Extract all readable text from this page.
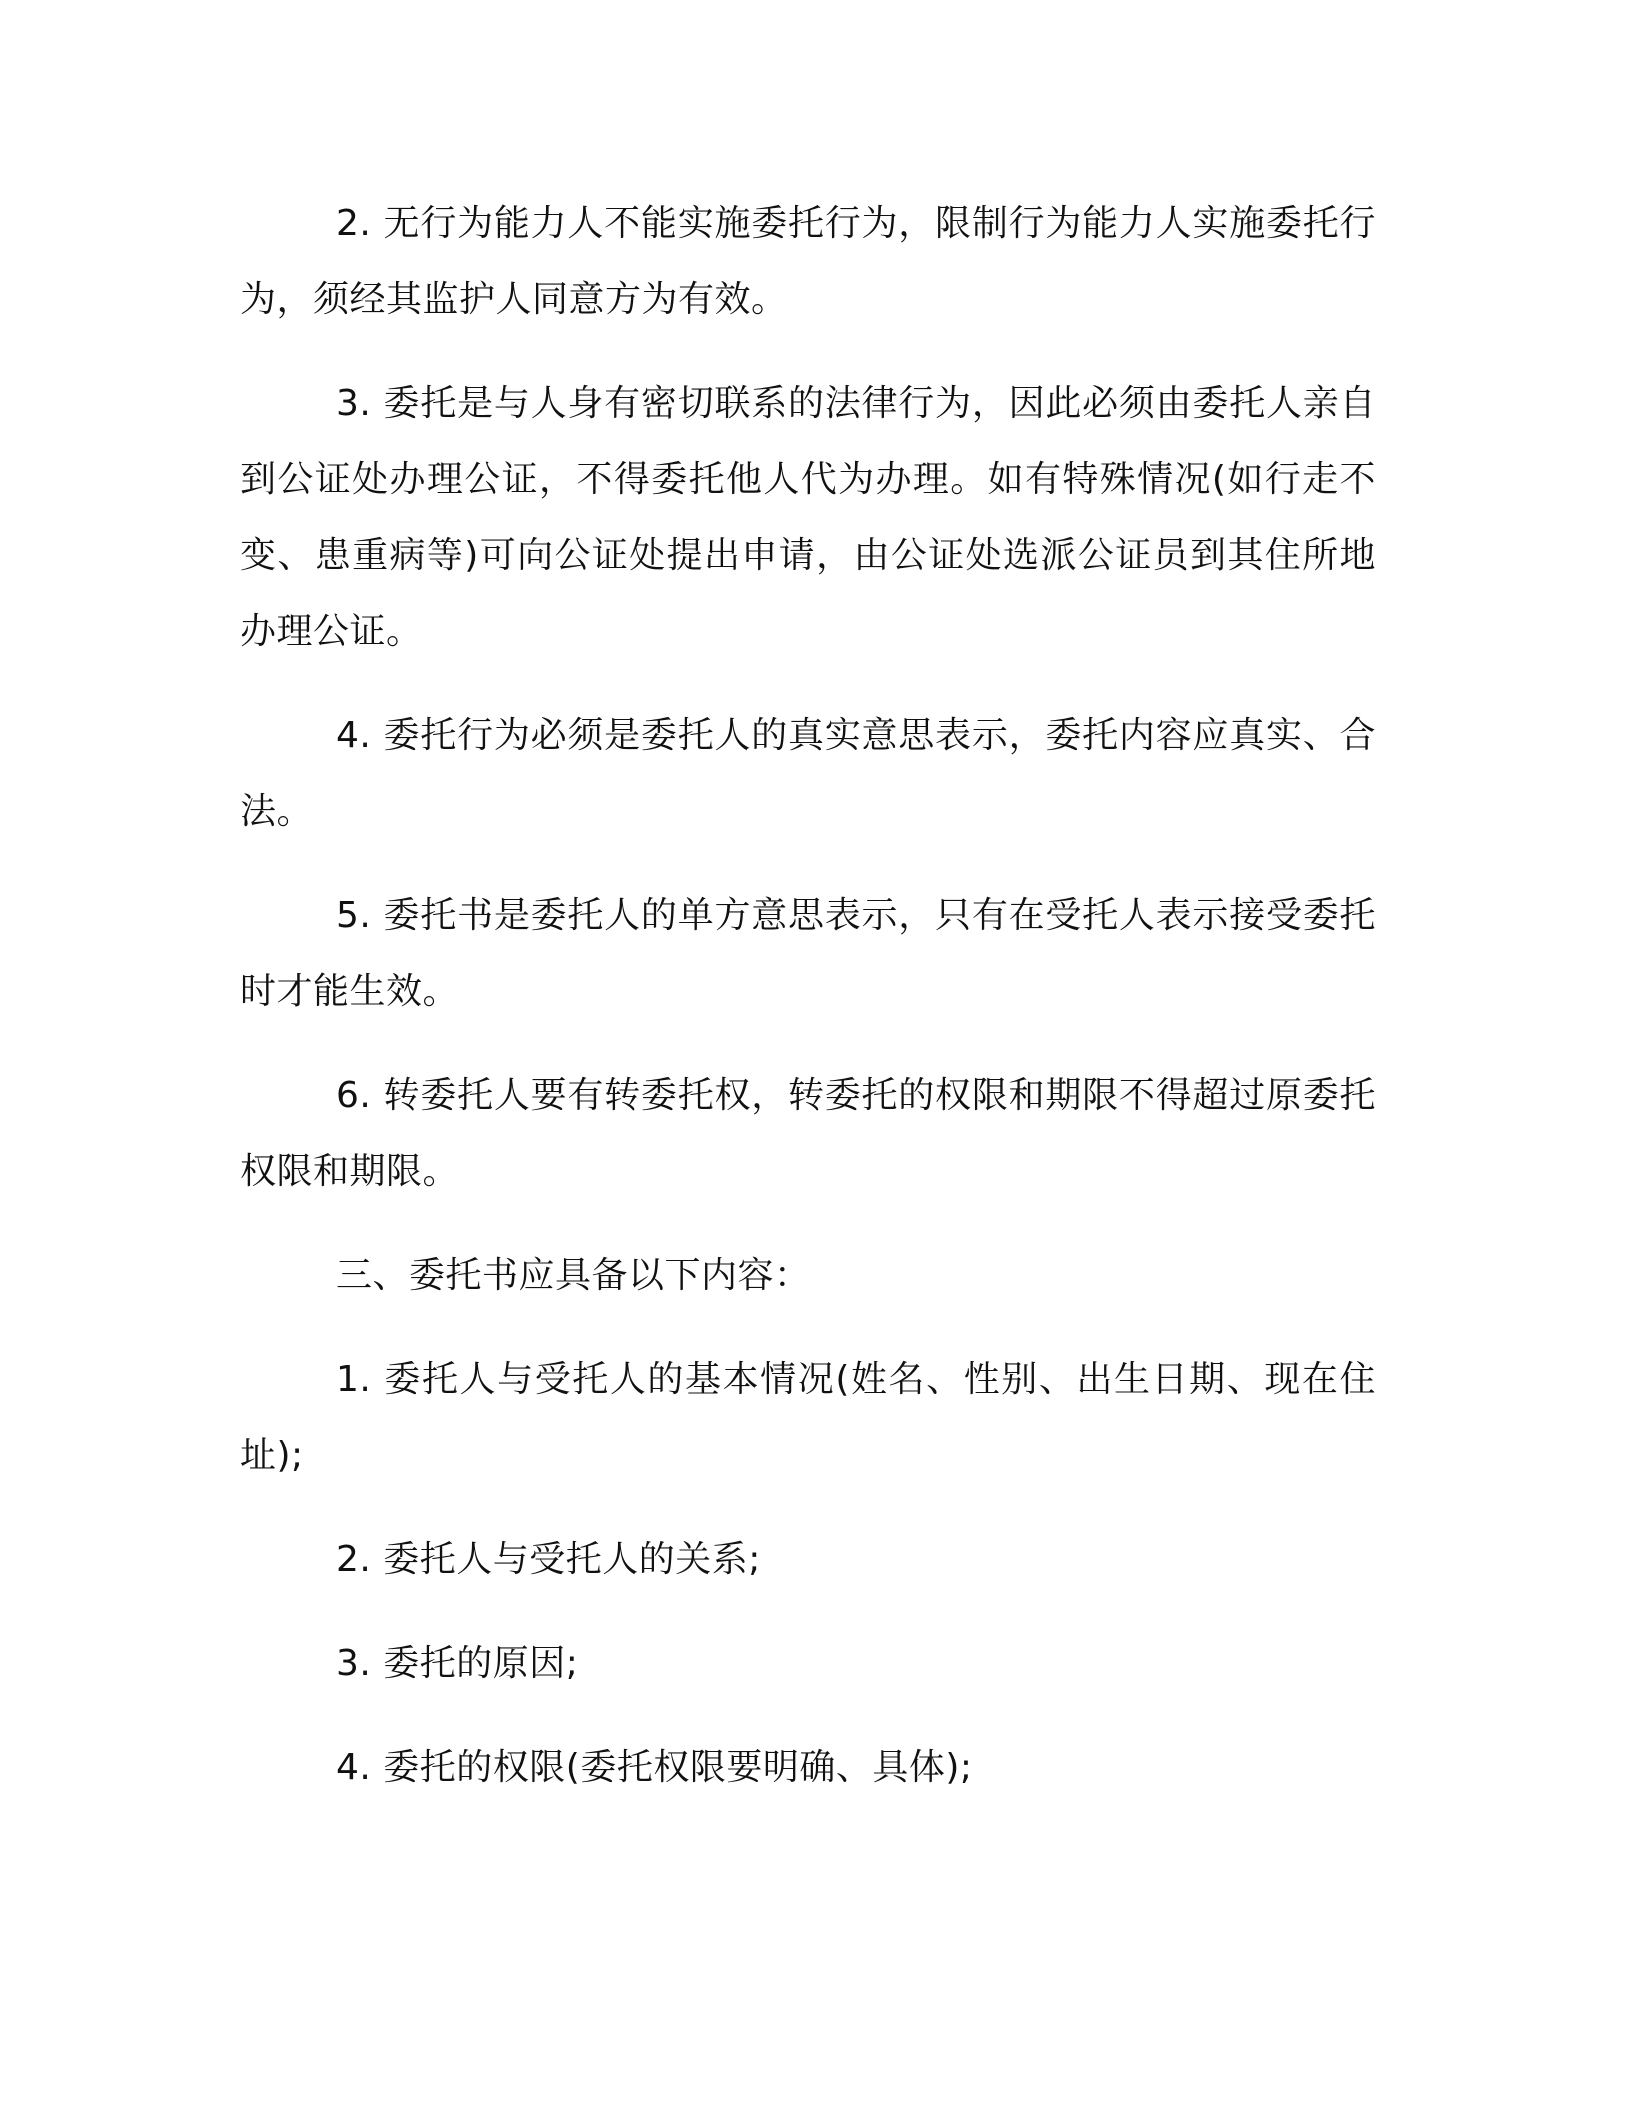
2. 无行为能力人不能实施委托行为，限制行为能力人实施委托行为，须经其监护人同意方为有效。

3. 委托是与人身有密切联系的法律行为，因此必须由委托人亲自到公证处办理公证，不得委托他人代为办理。如有特殊情况(如行走不变、患重病等)可向公证处提出申请，由公证处选派公证员到其住所地办理公证。

4. 委托行为必须是委托人的真实意思表示，委托内容应真实、合法。

5. 委托书是委托人的单方意思表示，只有在受托人表示接受委托时才能生效。

6. 转委托人要有转委托权，转委托的权限和期限不得超过原委托权限和期限。

三、委托书应具备以下内容：

1. 委托人与受托人的基本情况(姓名、性别、出生日期、现在住址);

2. 委托人与受托人的关系;

3. 委托的原因;

4. 委托的权限(委托权限要明确、具体);
